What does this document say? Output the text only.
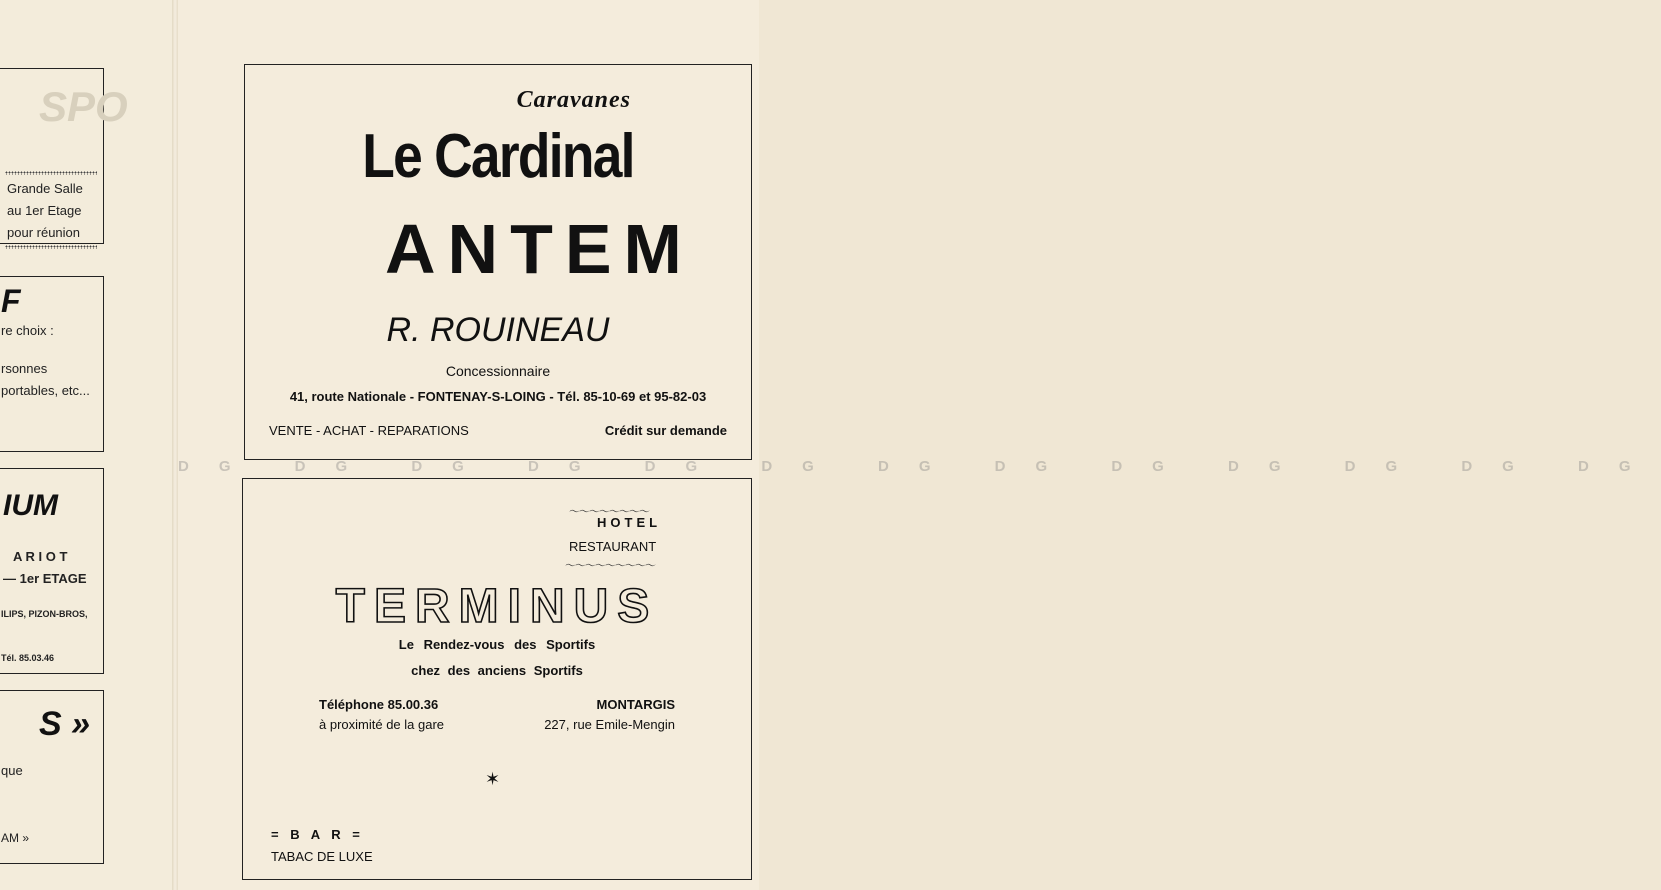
SPO
Grande Salle
au 1er Etage
pour réunion
F
re choix :
rsonnes
portables, etc...
IUM
A R I O T
— 1er ETAGE
ILIPS, PIZON-BROS,
Tél. 85.03.46
S »
que
AM »
Caravanes
Le Cardinal
ANTEM
R. ROUINEAU
Concessionnaire
41, route Nationale - FONTENAY-S-LOING - Tél. 85-10-69 et 95-82-03
VENTE - ACHAT - REPARATIONS	Crédit sur demande
DG DG DG DG DG DG DG DG DG DG DG DG DG
〜〜〜〜〜〜〜〜
HOTEL
RESTAURANT
〜〜〜〜〜〜〜〜〜
TERMINUS
Le Rendez-vous des Sportifs
chez des anciens Sportifs
Téléphone 85.00.36
à proximité de la gare
MONTARGIS
227, rue Emile-Mengin
✶
= B A R =
TABAC DE LUXE
